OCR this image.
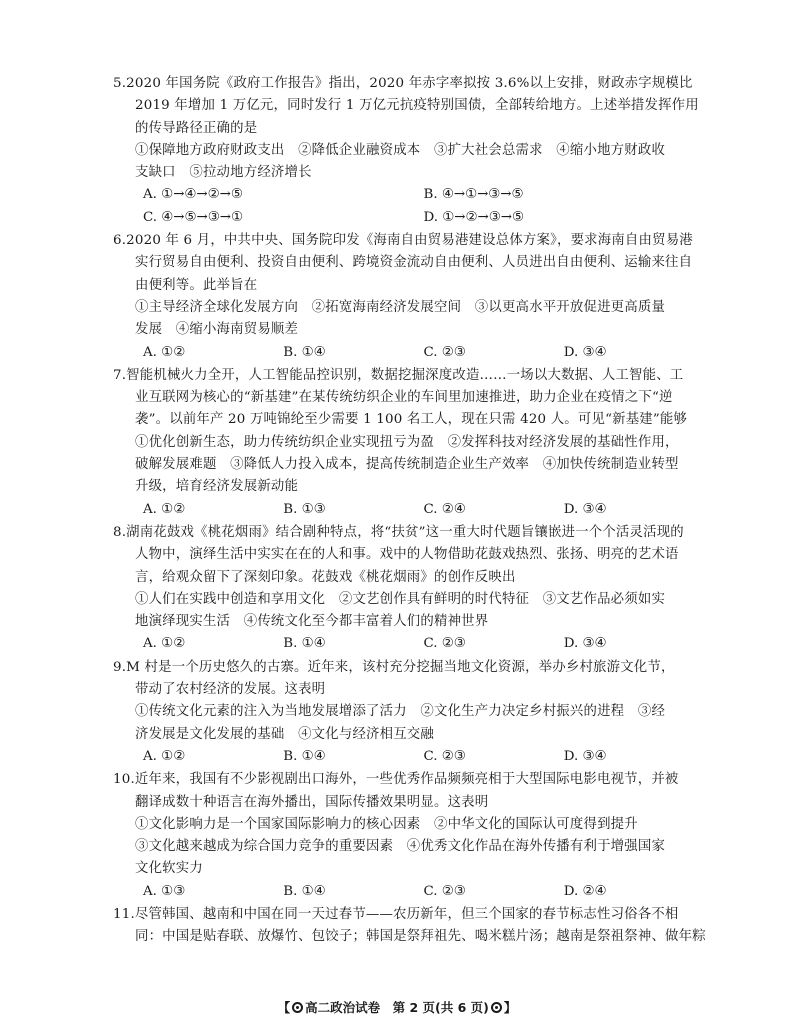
5.2020 年国务院《政府工作报告》指出，2020 年赤字率拟按 3.6%以上安排，财政赤字规模比
2019 年增加 1 万亿元，同时发行 1 万亿元抗疫特别国债，全部转给地方。上述举措发挥作用
的传导路径正确的是
①保障地方政府财政支出　②降低企业融资成本　③扩大社会总需求　④缩小地方财政收
支缺口　⑤拉动地方经济增长
A. ①→④→②→⑤	B. ④→①→③→⑤
C. ④→⑤→③→①	D. ①→②→③→⑤
6.2020 年 6 月，中共中央、国务院印发《海南自由贸易港建设总体方案》，要求海南自由贸易港
实行贸易自由便利、投资自由便利、跨境资金流动自由便利、人员进出自由便利、运输来往自
由便利等。此举旨在
①主导经济全球化发展方向　②拓宽海南经济发展空间　③以更高水平开放促进更高质量
发展　④缩小海南贸易顺差
A. ①②	B. ①④	C. ②③	D. ③④
7.智能机械火力全开，人工智能品控识别，数据挖掘深度改造……一场以大数据、人工智能、工
业互联网为核心的“新基建”在某传统纺织企业的车间里加速推进，助力企业在疫情之下“逆
袭”。以前年产 20 万吨锦纶至少需要 1 100 名工人，现在只需 420 人。可见“新基建”能够
①优化创新生态，助力传统纺织企业实现扭亏为盈　②发挥科技对经济发展的基础性作用，
破解发展难题　③降低人力投入成本，提高传统制造企业生产效率　④加快传统制造业转型
升级，培育经济发展新动能
A. ①②	B. ①③	C. ②④	D. ③④
8.湖南花鼓戏《桃花烟雨》结合剧种特点，将“扶贫”这一重大时代题旨镶嵌进一个个活灵活现的
人物中，演绎生活中实实在在的人和事。戏中的人物借助花鼓戏热烈、张扬、明亮的艺术语
言，给观众留下了深刻印象。花鼓戏《桃花烟雨》的创作反映出
①人们在实践中创造和享用文化　②文艺创作具有鲜明的时代特征　③文艺作品必须如实
地演绎现实生活　④传统文化至今都丰富着人们的精神世界
A. ①②	B. ①④	C. ②③	D. ③④
9.M 村是一个历史悠久的古寨。近年来，该村充分挖掘当地文化资源，举办乡村旅游文化节，
带动了农村经济的发展。这表明
①传统文化元素的注入为当地发展增添了活力　②文化生产力决定乡村振兴的进程　③经
济发展是文化发展的基础　④文化与经济相互交融
A. ①②	B. ①④	C. ②③	D. ③④
10.近年来，我国有不少影视剧出口海外，一些优秀作品频频亮相于大型国际电影电视节，并被
翻译成数十种语言在海外播出，国际传播效果明显。这表明
①文化影响力是一个国家国际影响力的核心因素　②中华文化的国际认可度得到提升
③文化越来越成为综合国力竞争的重要因素　④优秀文化作品在海外传播有利于增强国家
文化软实力
A. ①③	B. ①④	C. ②③	D. ②④
11.尽管韩国、越南和中国在同一天过春节——农历新年，但三个国家的春节标志性习俗各不相
同：中国是贴春联、放爆竹、包饺子；韩国是祭拜祖先、喝米糕片汤；越南是祭祖祭神、做年粽
【 高二政治试卷　第 2 页(共 6 页) 】
